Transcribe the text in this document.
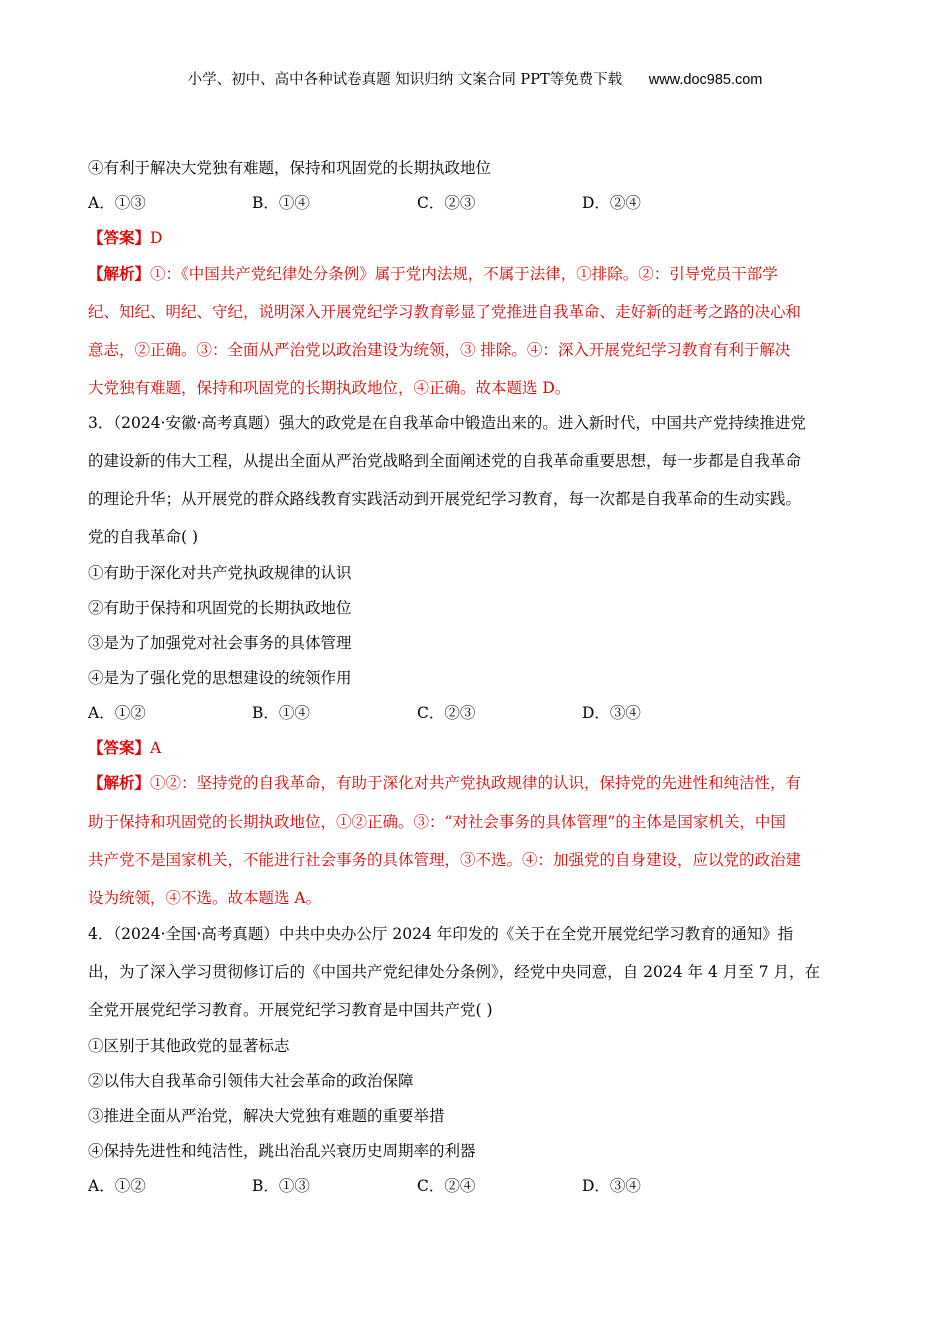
小学、初中、高中各种试卷真题 知识归纳 文案合同 PPT等免费下载 www.doc985.com
④有利于解决大党独有难题，保持和巩固党的长期执政地位
A．①③	B．①④	C．②③	D．②④
【答案】D
【解析】①：《中国共产党纪律处分条例》属于党内法规，不属于法律，①排除。②：引导党员干部学
纪、知纪、明纪、守纪，说明深入开展党纪学习教育彰显了党推进自我革命、走好新的赶考之路的决心和
意志，②正确。③：全面从严治党以政治建设为统领，③ 排除。④：深入开展党纪学习教育有利于解决
大党独有难题，保持和巩固党的长期执政地位，④正确。故本题选 D。
3．（2024·安徽·高考真题）强大的政党是在自我革命中锻造出来的。进入新时代，中国共产党持续推进党
的建设新的伟大工程，从提出全面从严治党战略到全面阐述党的自我革命重要思想，每一步都是自我革命
的理论升华；从开展党的群众路线教育实践活动到开展党纪学习教育，每一次都是自我革命的生动实践。
党的自我革命( )
①有助于深化对共产党执政规律的认识
②有助于保持和巩固党的长期执政地位
③是为了加强党对社会事务的具体管理
④是为了强化党的思想建设的统领作用
A．①②	B．①④	C．②③	D．③④
【答案】A
【解析】①②：坚持党的自我革命，有助于深化对共产党执政规律的认识，保持党的先进性和纯洁性，有
助于保持和巩固党的长期执政地位，①②正确。③：“对社会事务的具体管理”的主体是国家机关，中国
共产党不是国家机关，不能进行社会事务的具体管理，③不选。④：加强党的自身建设，应以党的政治建
设为统领，④不选。故本题选 A。
4．（2024·全国·高考真题）中共中央办公厅 2024 年印发的《关于在全党开展党纪学习教育的通知》指
出，为了深入学习贯彻修订后的《中国共产党纪律处分条例》，经党中央同意，自 2024 年 4 月至 7 月，在
全党开展党纪学习教育。开展党纪学习教育是中国共产党( )
①区别于其他政党的显著标志
②以伟大自我革命引领伟大社会革命的政治保障
③推进全面从严治党，解决大党独有难题的重要举措
④保持先进性和纯洁性，跳出治乱兴衰历史周期率的利器
A．①②	B．①③	C．②④	D．③④
